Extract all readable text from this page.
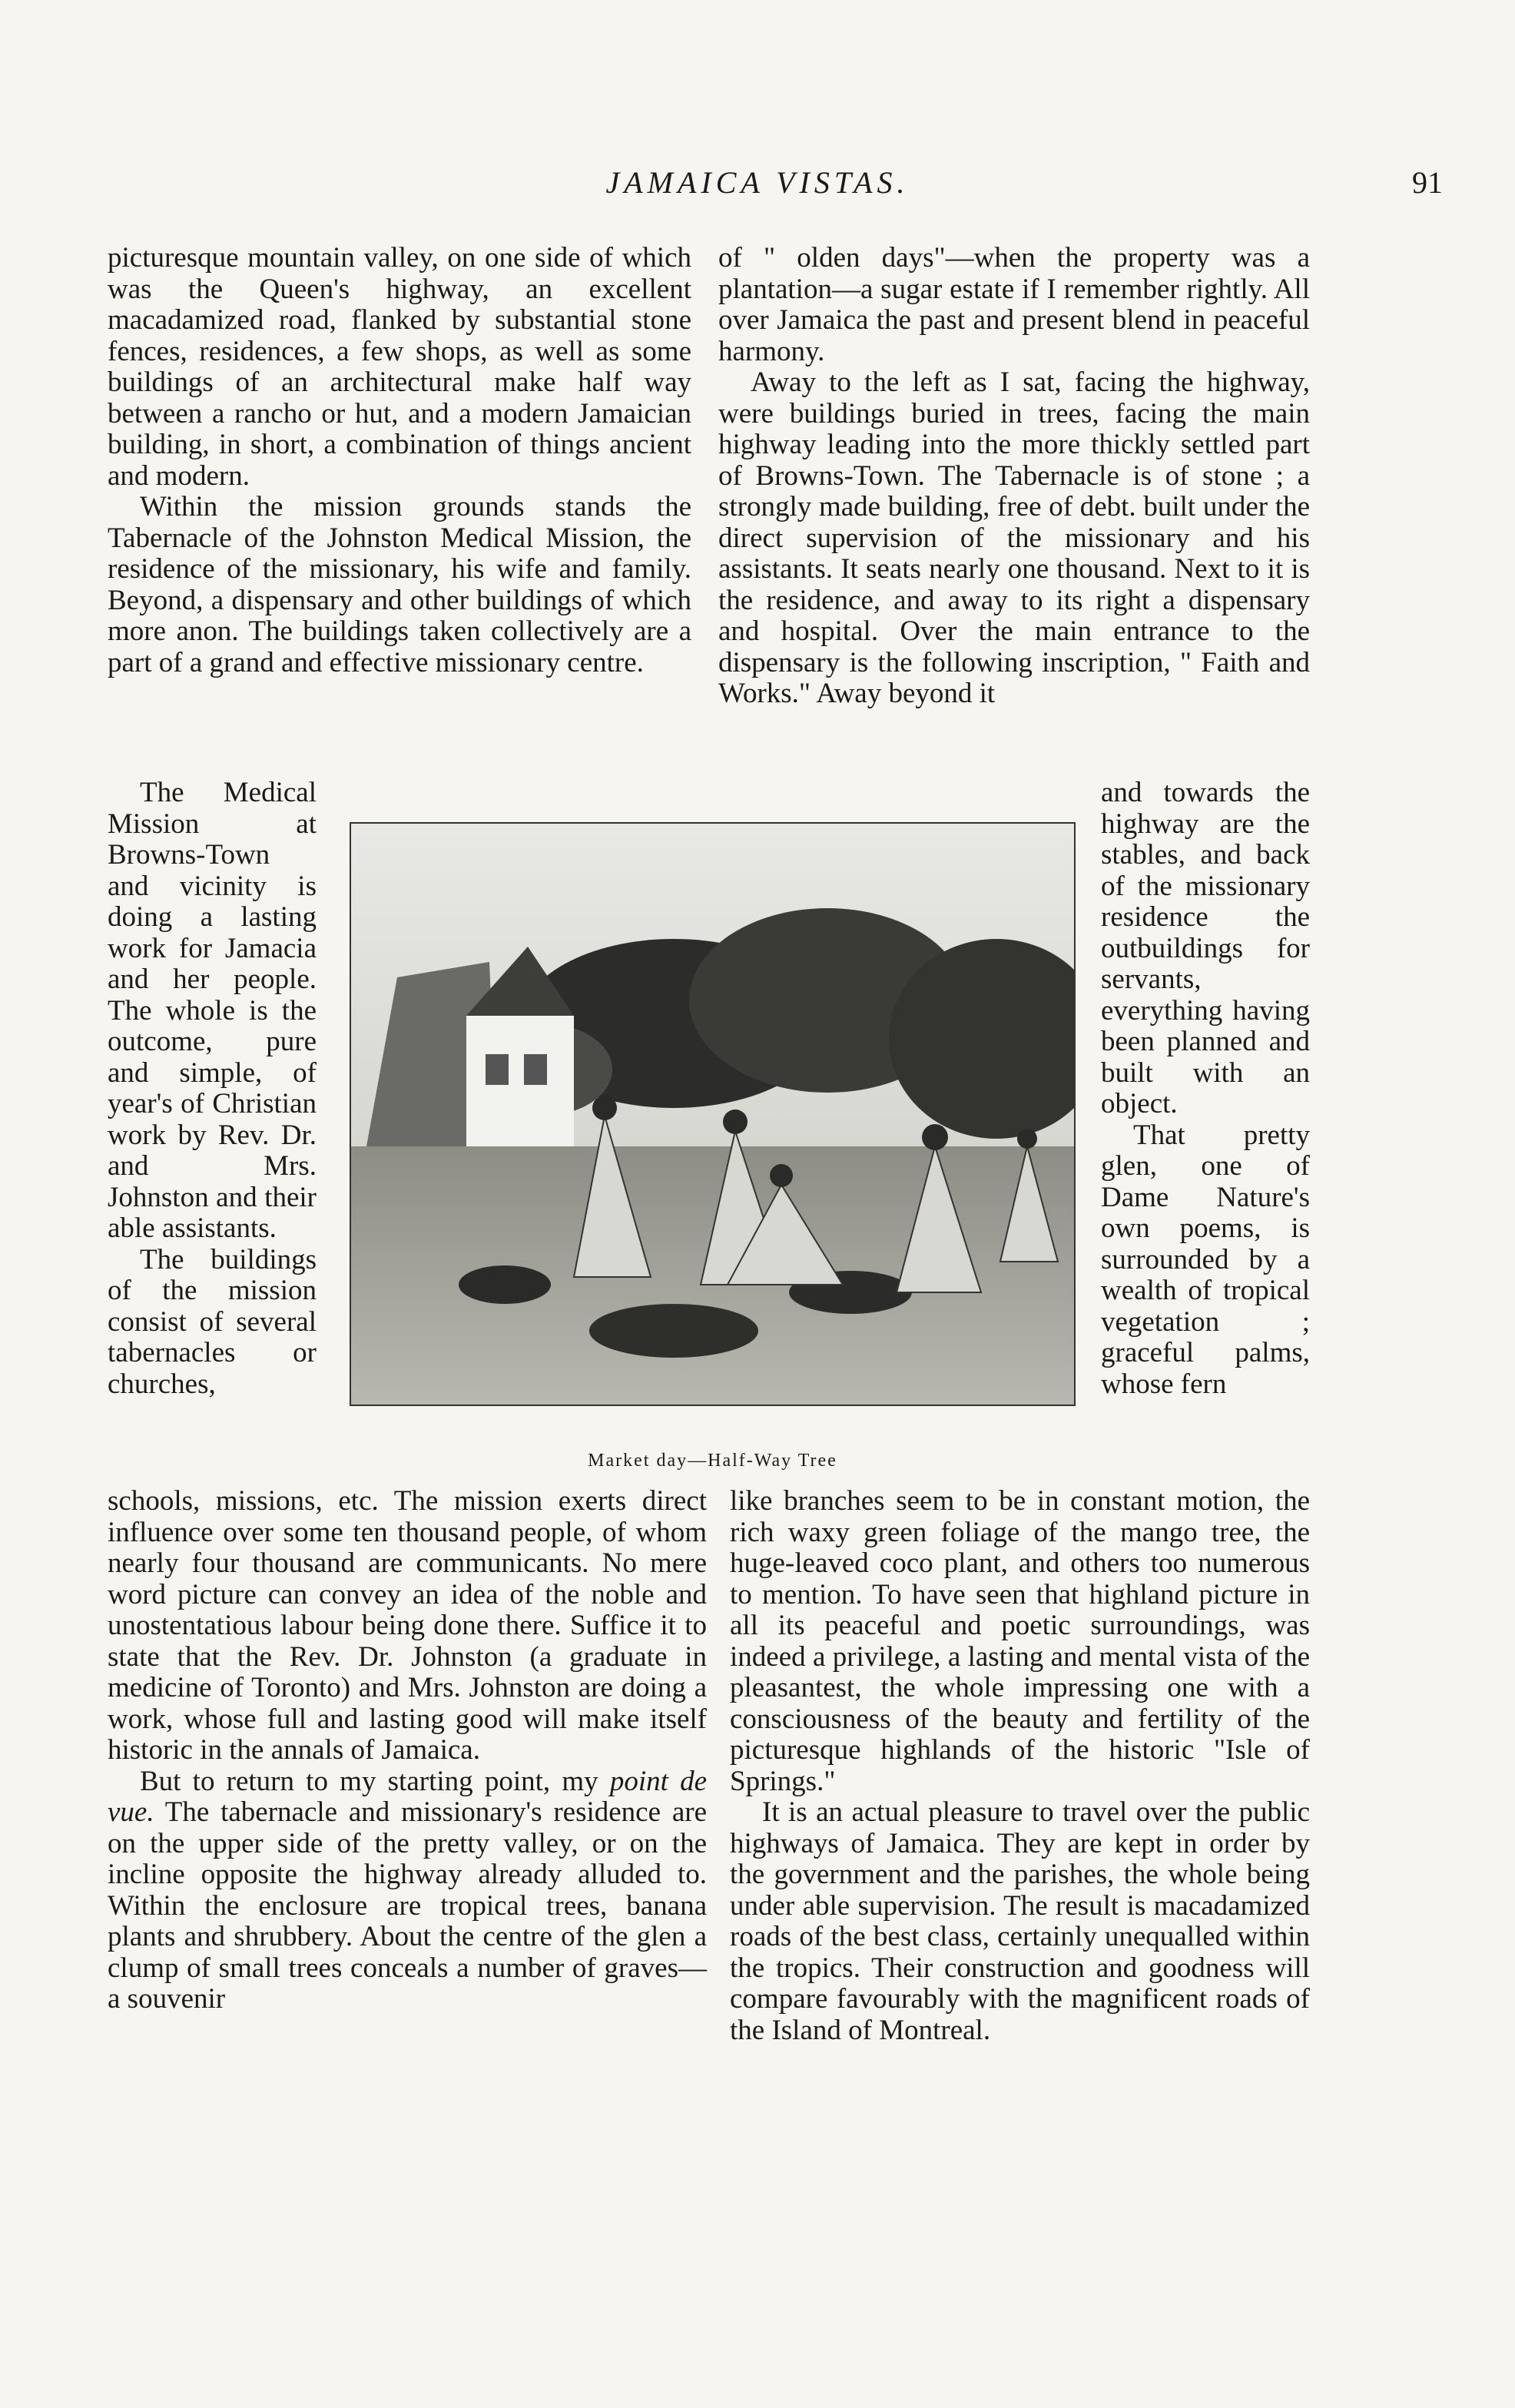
JAMAICA VISTAS.	91

picturesque mountain valley, on one side of which was the Queen's highway, an excellent macadamized road, flanked by substantial stone fences, residences, a few shops, as well as some buildings of an architectural make half way between a rancho or hut, and a modern Jamaician building, in short, a combination of things ancient and modern.

Within the mission grounds stands the Tabernacle of the Johnston Medical Mission, the residence of the missionary, his wife and family. Beyond, a dispensary and other buildings of which more anon. The buildings taken collectively are a part of a grand and effective missionary centre.

of " olden days"—when the property was a plantation—a sugar estate if I remember rightly. All over Jamaica the past and present blend in peaceful harmony.

Away to the left as I sat, facing the highway, were buildings buried in trees, facing the main highway leading into the more thickly settled part of Browns-Town. The Tabernacle is of stone ; a strongly made building, free of debt. built under the direct supervision of the missionary and his assistants. It seats nearly one thousand. Next to it is the residence, and away to its right a dispensary and hospital. Over the main entrance to the dispensary is the following inscription, " Faith and Works." Away beyond it

The Medical Mission at Browns-Town and vicinity is doing a lasting work for Jamacia and her people. The whole is the outcome, pure and simple, of year's of Christian work by Rev. Dr. and Mrs. Johnston and their able assistants.

The buildings of the mission consist of several tabernacles or churches,

and towards the highway are the stables, and back of the missionary residence the outbuildings for servants, everything having been planned and built with an object.

That pretty glen, one of Dame Nature's own poems, is surrounded by a wealth of tropical vegetation ; graceful palms, whose fern

Market day—Half-Way Tree

schools, missions, etc. The mission exerts direct influence over some ten thousand people, of whom nearly four thousand are communicants. No mere word picture can convey an idea of the noble and unostentatious labour being done there. Suffice it to state that the Rev. Dr. Johnston (a graduate in medicine of Toronto) and Mrs. Johnston are doing a work, whose full and lasting good will make itself historic in the annals of Jamaica.

But to return to my starting point, my point de vue. The tabernacle and missionary's residence are on the upper side of the pretty valley, or on the incline opposite the highway already alluded to. Within the enclosure are tropical trees, banana plants and shrubbery. About the centre of the glen a clump of small trees conceals a number of graves—a souvenir

like branches seem to be in constant motion, the rich waxy green foliage of the mango tree, the huge-leaved coco plant, and others too numerous to mention. To have seen that highland picture in all its peaceful and poetic surroundings, was indeed a privilege, a lasting and mental vista of the pleasantest, the whole impressing one with a consciousness of the beauty and fertility of the picturesque highlands of the historic "Isle of Springs."

It is an actual pleasure to travel over the public highways of Jamaica. They are kept in order by the government and the parishes, the whole being under able supervision. The result is macadamized roads of the best class, certainly unequalled within the tropics. Their construction and goodness will compare favourably with the magnificent roads of the Island of Montreal.
